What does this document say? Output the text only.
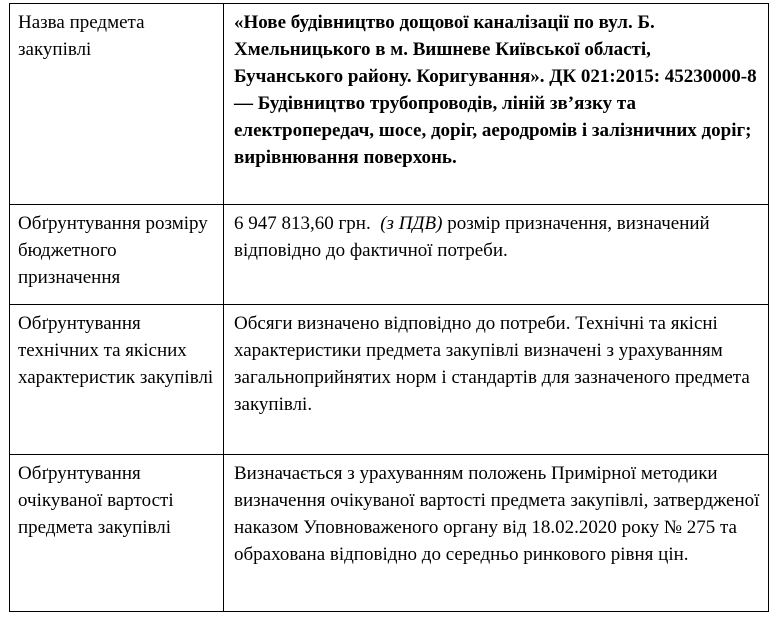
Назва предмета закупівлі	«Нове будівництво дощової каналізації по вул. Б. Хмельницького в м. Вишневе Київської області, Бучанського району. Коригування». ДК 021:2015: 45230000-8 — Будівництво трубопроводів, ліній зв’язку та електропередач, шосе, доріг, аеродромів і залізничних доріг; вирівнювання поверхонь.
Обґрунтування розміру бюджетного призначення	6 947 813,60 грн. (з ПДВ) розмір призначення, визначений відповідно до фактичної потреби.
Обґрунтування технічних та якісних характеристик закупівлі	Обсяги визначено відповідно до потреби. Технічні та якісні характеристики предмета закупівлі визначені з урахуванням загальноприйнятих норм і стандартів для зазначеного предмета закупівлі.
Обґрунтування очікуваної вартості предмета закупівлі	Визначається з урахуванням положень Примірної методики визначення очікуваної вартості предмета закупівлі, затвердженої наказом Уповноваженого органу від 18.02.2020 року № 275 та обрахована відповідно до середньо ринкового рівня цін.
